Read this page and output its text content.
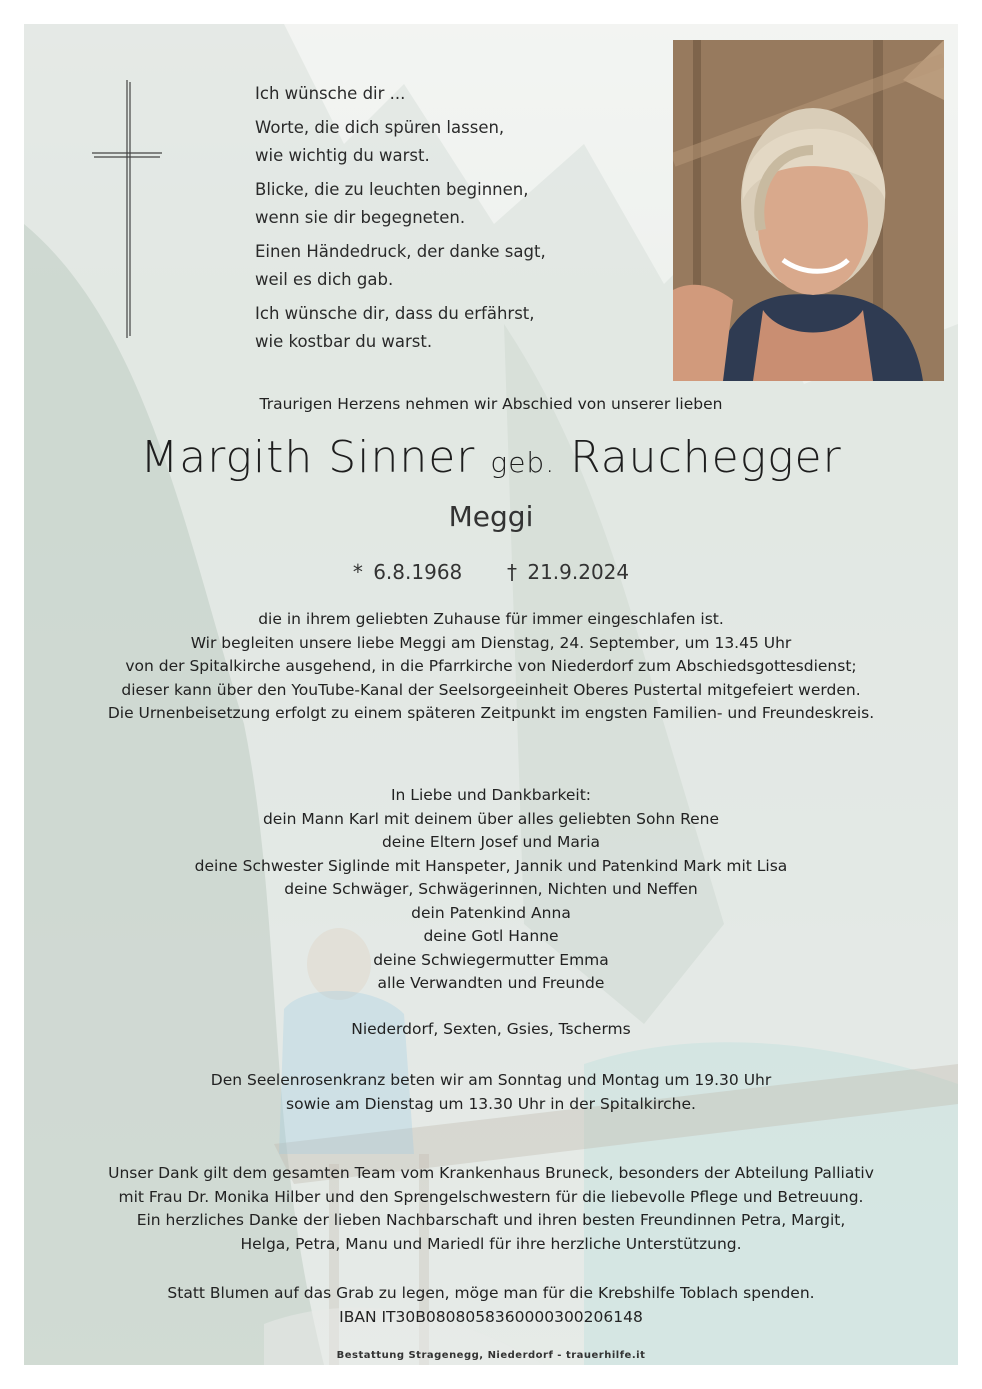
Ich wünsche dir ...

Worte, die dich spüren lassen,
wie wichtig du warst.

Blicke, die zu leuchten beginnen,
wenn sie dir begegneten.

Einen Händedruck, der danke sagt,
weil es dich gab.

Ich wünsche dir, dass du erfährst,
wie kostbar du warst.

Traurigen Herzens nehmen wir Abschied von unserer lieben
Margith Sinner geb. Rauchegger
Meggi
* 6.8.1968 † 21.9.2024
die in ihrem geliebten Zuhause für immer eingeschlafen ist.
Wir begleiten unsere liebe Meggi am Dienstag, 24. September, um 13.45 Uhr
von der Spitalkirche ausgehend, in die Pfarrkirche von Niederdorf zum Abschiedsgottesdienst;
dieser kann über den YouTube-Kanal der Seelsorgeeinheit Oberes Pustertal mitgefeiert werden.
Die Urnenbeisetzung erfolgt zu einem späteren Zeitpunkt im engsten Familien- und Freundeskreis.
In Liebe und Dankbarkeit:
dein Mann Karl mit deinem über alles geliebten Sohn Rene
deine Eltern Josef und Maria
deine Schwester Siglinde mit Hanspeter, Jannik und Patenkind Mark mit Lisa
deine Schwäger, Schwägerinnen, Nichten und Neffen
dein Patenkind Anna
deine Gotl Hanne
deine Schwiegermutter Emma
alle Verwandten und Freunde
Niederdorf, Sexten, Gsies, Tscherms
Den Seelenrosenkranz beten wir am Sonntag und Montag um 19.30 Uhr
sowie am Dienstag um 13.30 Uhr in der Spitalkirche.
Unser Dank gilt dem gesamten Team vom Krankenhaus Bruneck, besonders der Abteilung Palliativ
mit Frau Dr. Monika Hilber und den Sprengelschwestern für die liebevolle Pflege und Betreuung.
Ein herzliches Danke der lieben Nachbarschaft und ihren besten Freundinnen Petra, Margit,
Helga, Petra, Manu und Mariedl für ihre herzliche Unterstützung.
Statt Blumen auf das Grab zu legen, möge man für die Krebshilfe Toblach spenden.
IBAN IT30B0808058360000300206148
Bestattung Stragenegg, Niederdorf - trauerhilfe.it
